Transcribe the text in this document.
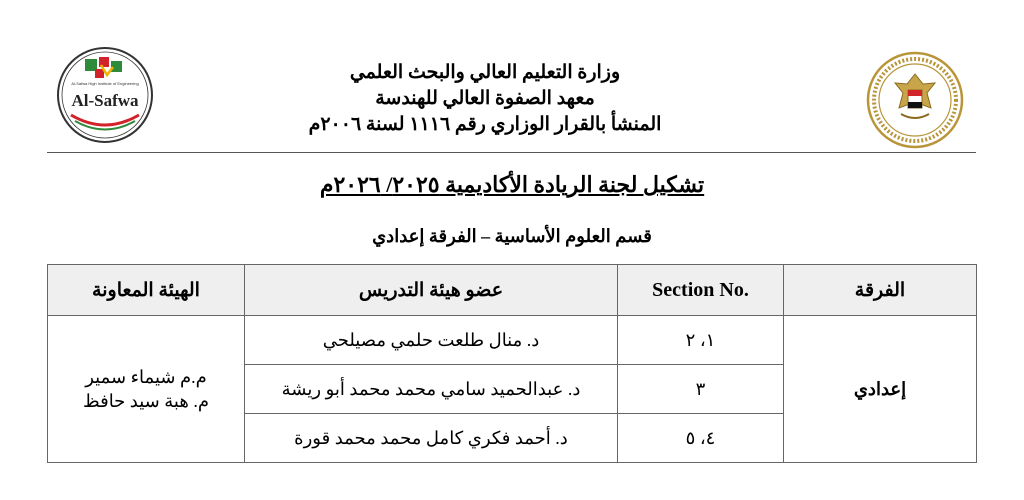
وزارة التعليم العالي والبحث العلمي
معهد الصفوة العالي للهندسة
المنشأ بالقرار الوزاري رقم ١١١٦ لسنة ٢٠٠٦م
Al-Safwa High Institute of Engineering
Al-Safwa
تشكيل لجنة الريادة الأكاديمية ٢٠٢٥/ ٢٠٢٦م
قسم العلوم الأساسية – الفرقة إعدادي
الهيئة المعاونة	عضو هيئة التدريس	Section No.	الفرقة

م.م شيماء سمير
م. هبة سيد حافظ	د. منال طلعت حلمي مصيلحي	١، ٢	إعدادي
	د. عبدالحميد سامي محمد محمد أبو ريشة	٣	
	د. أحمد فكري كامل محمد محمد قورة	٤، ٥	
